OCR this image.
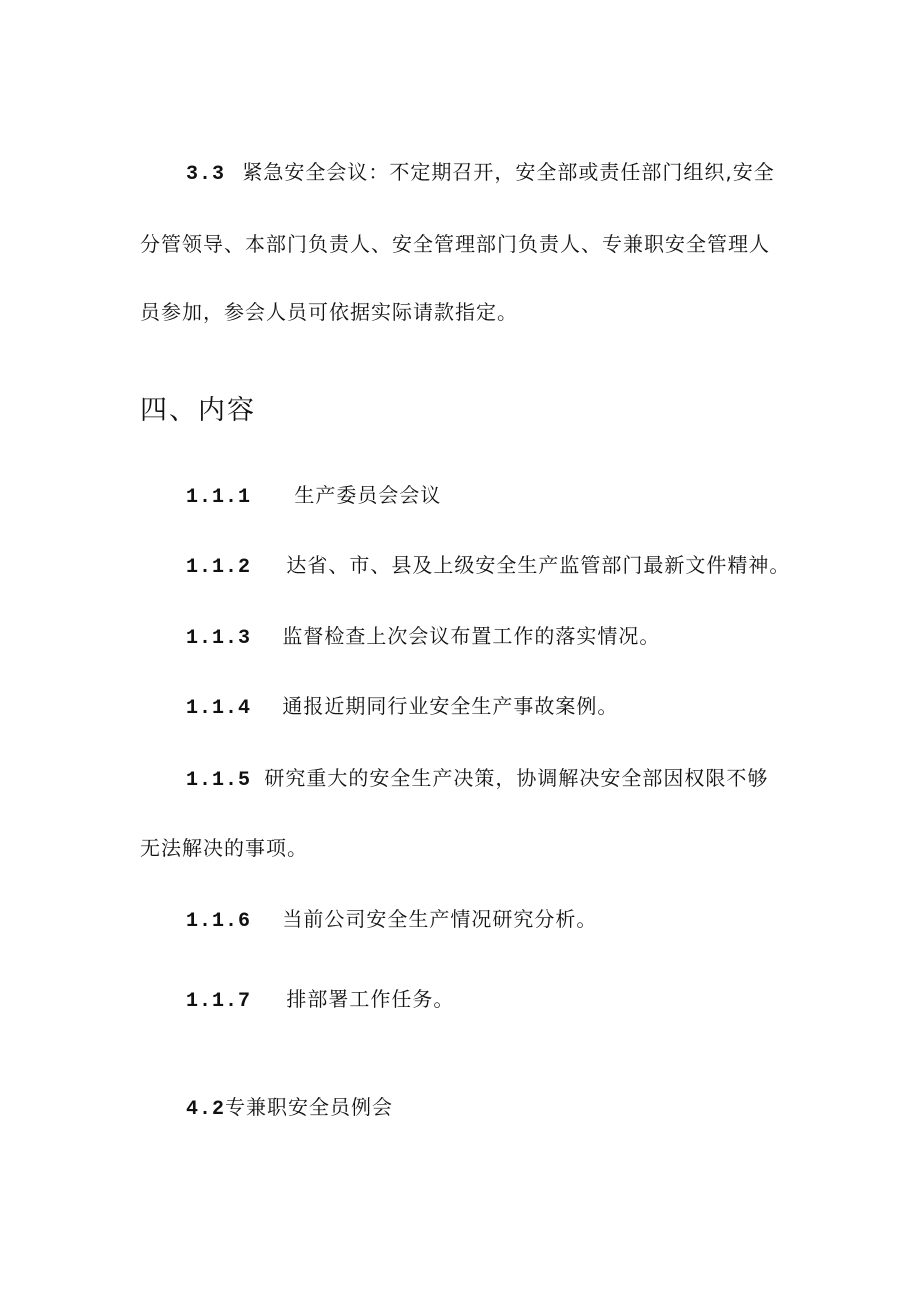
3.3 紧急安全会议：不定期召开，安全部或责任部门组织,安全
分管领导、本部门负责人、安全管理部门负责人、专兼职安全管理人
员参加，参会人员可依据实际请款指定。
四、内容
1.1.1 生产委员会会议
1.1.2 达省、市、县及上级安全生产监管部门最新文件精神。
1.1.3 监督检查上次会议布置工作的落实情况。
1.1.4 通报近期同行业安全生产事故案例。
1.1.5 研究重大的安全生产决策，协调解决安全部因权限不够
无法解决的事项。
1.1.6 当前公司安全生产情况研究分析。
1.1.7 排部署工作任务。
4.2专兼职安全员例会
